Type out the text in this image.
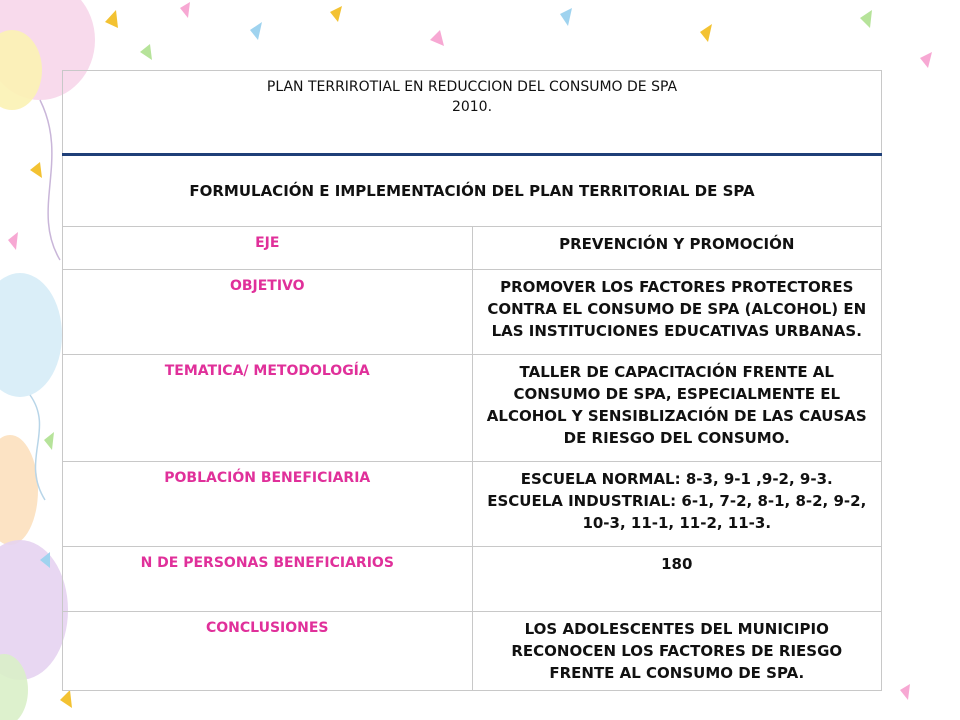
PLAN TERRIROTIAL EN REDUCCION DEL CONSUMO DE SPA
2010.	

FORMULACIÓN E IMPLEMENTACIÓN DEL PLAN TERRITORIAL DE SPA	
EJE	PREVENCIÓN Y PROMOCIÓN
OBJETIVO	PROMOVER LOS FACTORES PROTECTORES CONTRA EL CONSUMO DE SPA (ALCOHOL) EN LAS INSTITUCIONES EDUCATIVAS URBANAS.
TEMATICA/ METODOLOGÍA	TALLER DE CAPACITACIÓN FRENTE AL CONSUMO DE SPA, ESPECIALMENTE EL ALCOHOL Y SENSIBLIZACIÓN DE LAS CAUSAS DE RIESGO DEL CONSUMO.
POBLACIÓN BENEFICIARIA	ESCUELA NORMAL: 8-3, 9-1 ,9-2, 9-3.
ESCUELA INDUSTRIAL: 6-1, 7-2, 8-1, 8-2, 9-2, 10-3, 11-1, 11-2, 11-3.

N DE PERSONAS BENEFICIARIOS	180
CONCLUSIONES	LOS ADOLESCENTES DEL MUNICIPIO RECONOCEN LOS FACTORES DE RIESGO FRENTE AL CONSUMO DE SPA.
